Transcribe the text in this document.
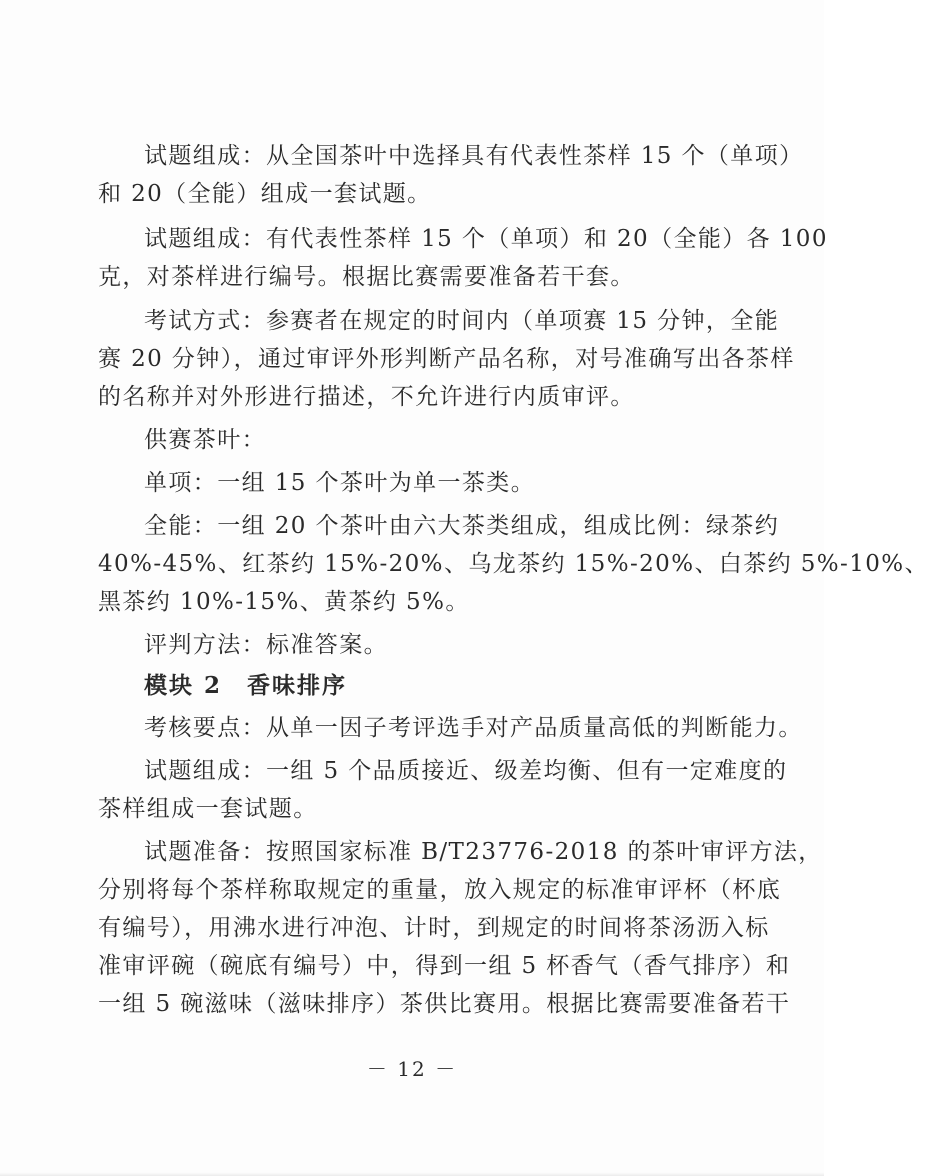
试题组成：从全国茶叶中选择具有代表性茶样 15 个（单项）
和 20（全能）组成一套试题。
试题组成：有代表性茶样 15 个（单项）和 20（全能）各 100
克，对茶样进行编号。根据比赛需要准备若干套。
考试方式：参赛者在规定的时间内（单项赛 15 分钟，全能
赛 20 分钟），通过审评外形判断产品名称，对号准确写出各茶样
的名称并对外形进行描述，不允许进行内质审评。
供赛茶叶：
单项：一组 15 个茶叶为单一茶类。
全能：一组 20 个茶叶由六大茶类组成，组成比例：绿茶约
40%-45%、红茶约 15%-20%、乌龙茶约 15%-20%、白茶约 5%-10%、
黑茶约 10%-15%、黄茶约 5%。
评判方法：标准答案。
模块 2　香味排序
考核要点：从单一因子考评选手对产品质量高低的判断能力。
试题组成：一组 5 个品质接近、级差均衡、但有一定难度的
茶样组成一套试题。
试题准备：按照国家标准 B/T23776-2018 的茶叶审评方法，
分别将每个茶样称取规定的重量，放入规定的标准审评杯（杯底
有编号），用沸水进行冲泡、计时，到规定的时间将茶汤沥入标
准审评碗（碗底有编号）中，得到一组 5 杯香气（香气排序）和
一组 5 碗滋味（滋味排序）茶供比赛用。根据比赛需要准备若干
－ 12 －
